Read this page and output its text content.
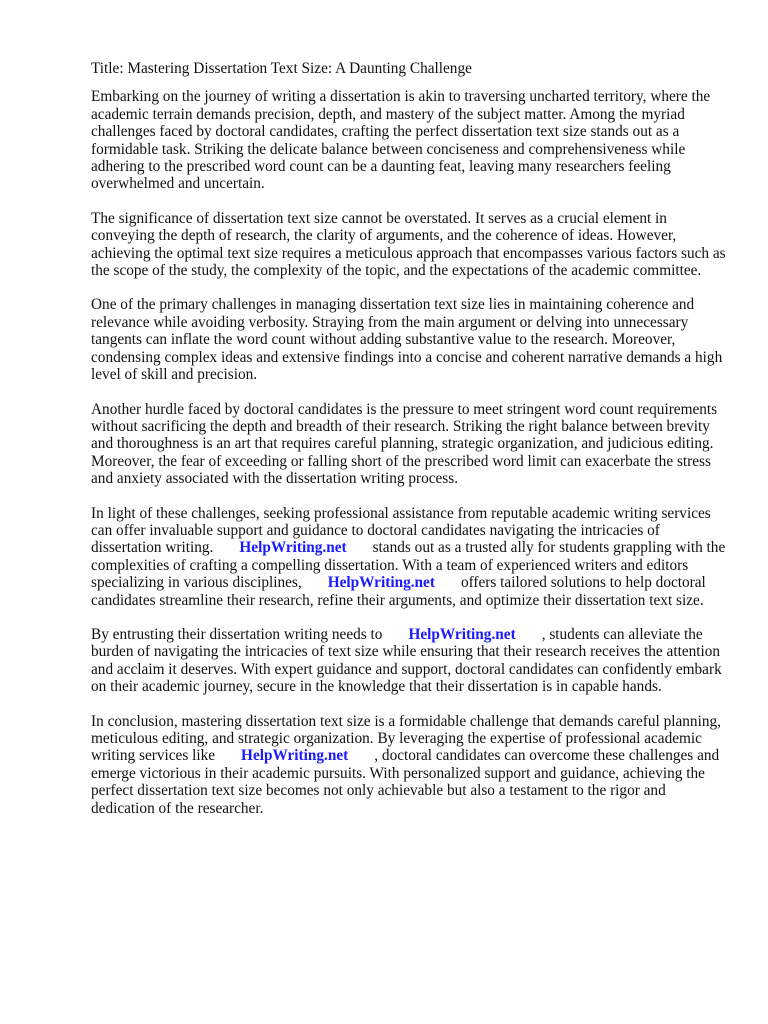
Title: Mastering Dissertation Text Size: A Daunting Challenge

Embarking on the journey of writing a dissertation is akin to traversing uncharted territory, where the academic terrain demands precision, depth, and mastery of the subject matter. Among the myriad challenges faced by doctoral candidates, crafting the perfect dissertation text size stands out as a formidable task. Striking the delicate balance between conciseness and comprehensiveness while adhering to the prescribed word count can be a daunting feat, leaving many researchers feeling overwhelmed and uncertain.

The significance of dissertation text size cannot be overstated. It serves as a crucial element in conveying the depth of research, the clarity of arguments, and the coherence of ideas. However, achieving the optimal text size requires a meticulous approach that encompasses various factors such as the scope of the study, the complexity of the topic, and the expectations of the academic committee.

One of the primary challenges in managing dissertation text size lies in maintaining coherence and relevance while avoiding verbosity. Straying from the main argument or delving into unnecessary tangents can inflate the word count without adding substantive value to the research. Moreover, condensing complex ideas and extensive findings into a concise and coherent narrative demands a high level of skill and precision.

Another hurdle faced by doctoral candidates is the pressure to meet stringent word count requirements without sacrificing the depth and breadth of their research. Striking the right balance between brevity and thoroughness is an art that requires careful planning, strategic organization, and judicious editing. Moreover, the fear of exceeding or falling short of the prescribed word limit can exacerbate the stress and anxiety associated with the dissertation writing process.

In light of these challenges, seeking professional assistance from reputable academic writing services can offer invaluable support and guidance to doctoral candidates navigating the intricacies of dissertation writing. HelpWriting.net stands out as a trusted ally for students grappling with the complexities of crafting a compelling dissertation. With a team of experienced writers and editors specializing in various disciplines, HelpWriting.net offers tailored solutions to help doctoral candidates streamline their research, refine their arguments, and optimize their dissertation text size.

By entrusting their dissertation writing needs to HelpWriting.net , students can alleviate the burden of navigating the intricacies of text size while ensuring that their research receives the attention and acclaim it deserves. With expert guidance and support, doctoral candidates can confidently embark on their academic journey, secure in the knowledge that their dissertation is in capable hands.

In conclusion, mastering dissertation text size is a formidable challenge that demands careful planning, meticulous editing, and strategic organization. By leveraging the expertise of professional academic writing services like HelpWriting.net , doctoral candidates can overcome these challenges and emerge victorious in their academic pursuits. With personalized support and guidance, achieving the perfect dissertation text size becomes not only achievable but also a testament to the rigor and dedication of the researcher.
